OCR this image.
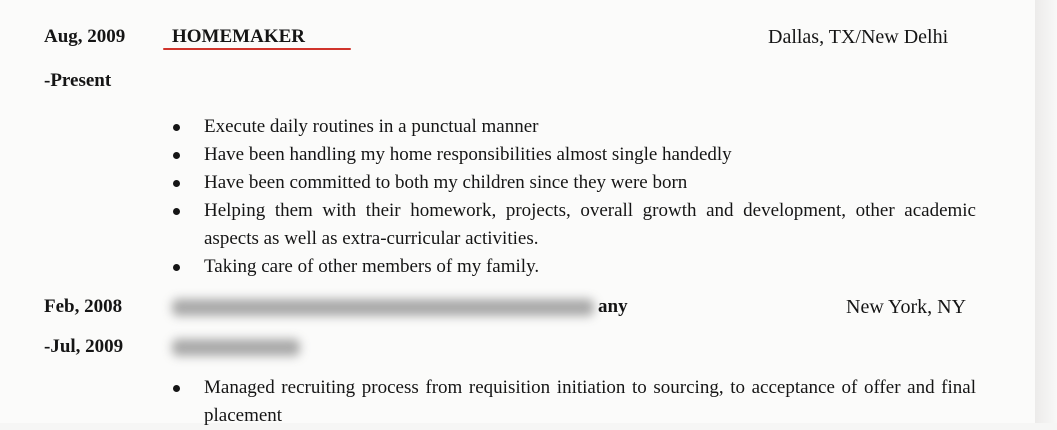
Aug, 2009
-Present
HOMEMAKER	Dallas, TX/New Delhi
Execute daily routines in a punctual manner
Have been handling my home responsibilities almost single handedly
Have been committed to both my children since they were born
Helping them with their homework, projects, overall growth and development, other academic aspects as well as extra-curricular activities.
Taking care of other members of my family.
Feb, 2008
-Jul, 2009
any	New York, NY
Managed recruiting process from requisition initiation to sourcing, to acceptance of offer and final placement
